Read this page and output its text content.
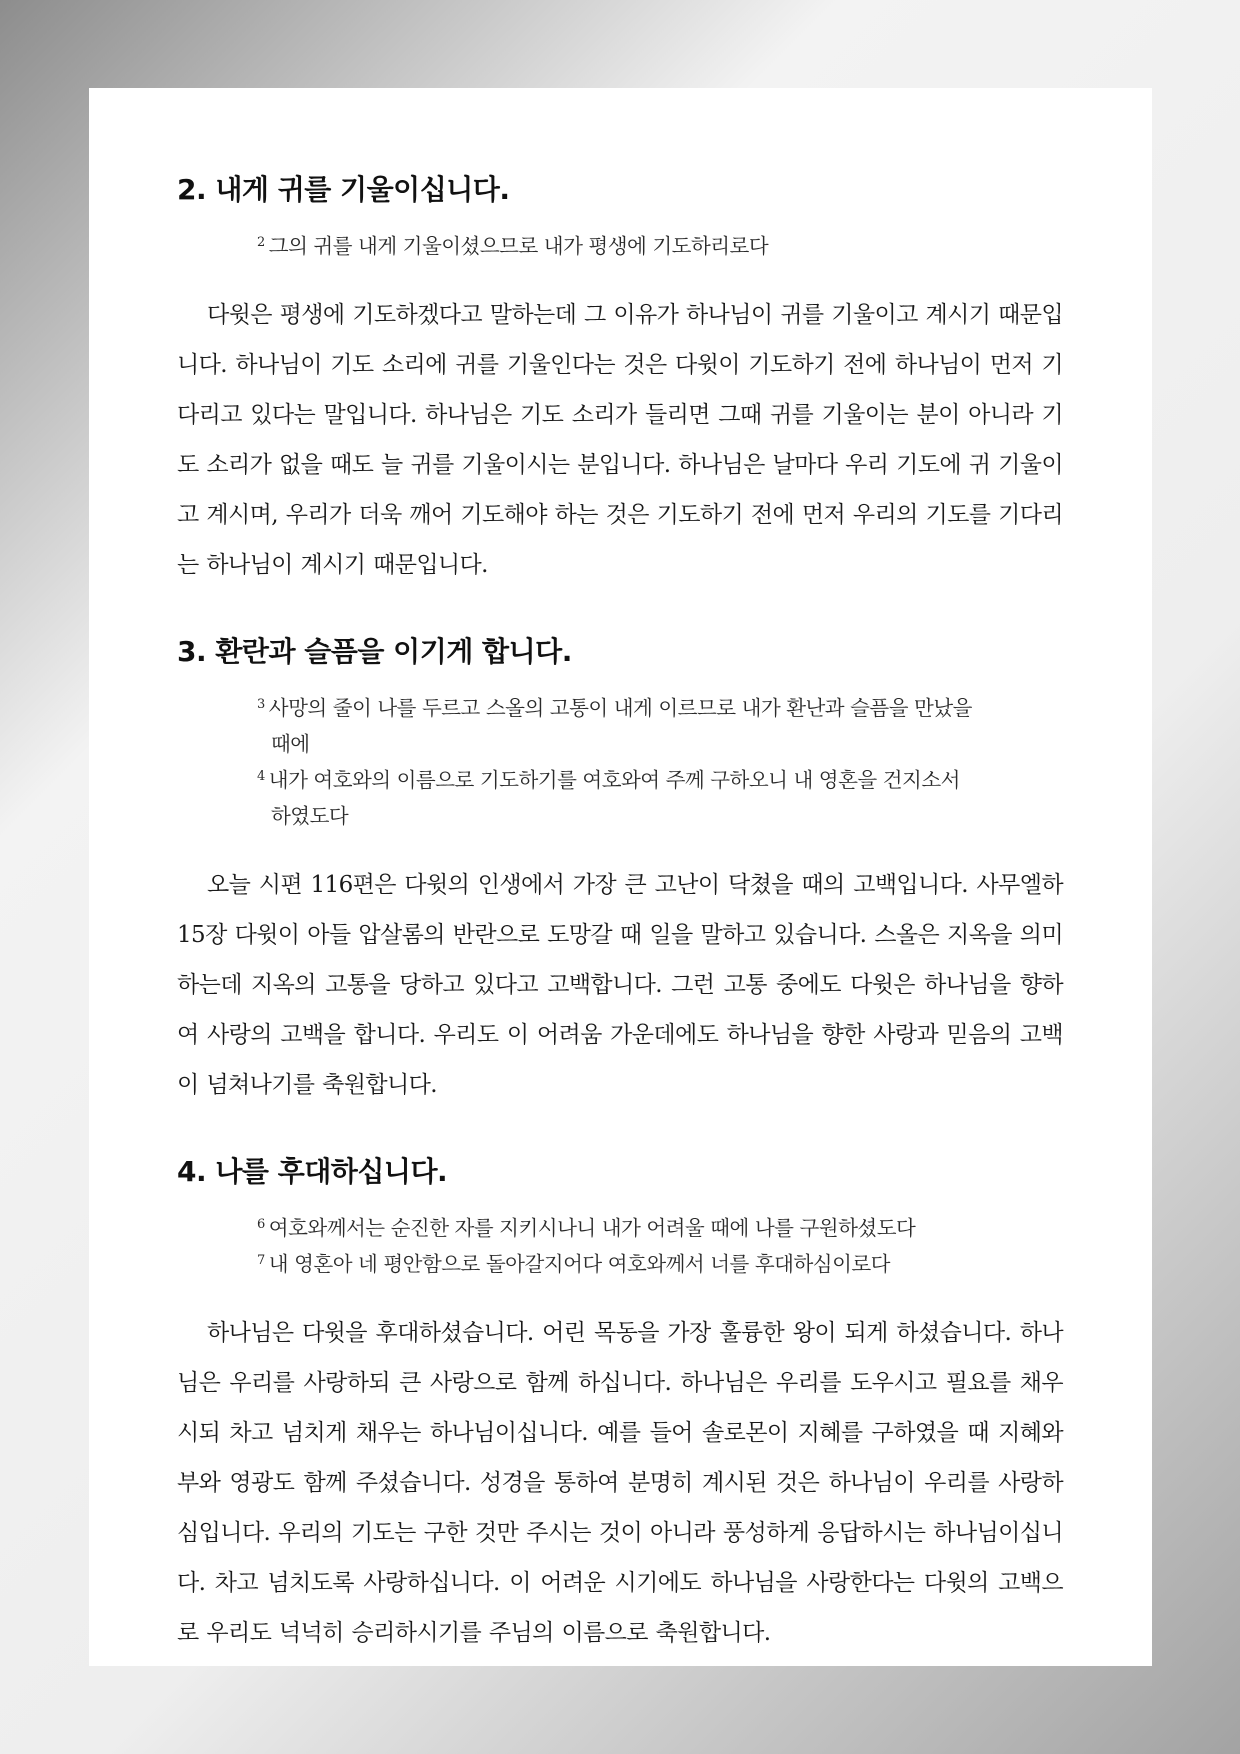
2. 내게 귀를 기울이십니다.

$^2$ 그의 귀를 내게 기울이셨으므로 내가 평생에 기도하리로다

다윗은 평생에 기도하겠다고 말하는데 그 이유가 하나님이 귀를 기울이고 계시기 때문입니다. 하나님이 기도 소리에 귀를 기울인다는 것은 다윗이 기도하기 전에 하나님이 먼저 기다리고 있다는 말입니다. 하나님은 기도 소리가 들리면 그때 귀를 기울이는 분이 아니라 기도 소리가 없을 때도 늘 귀를 기울이시는 분입니다. 하나님은 날마다 우리 기도에 귀 기울이고 계시며, 우리가 더욱 깨어 기도해야 하는 것은 기도하기 전에 먼저 우리의 기도를 기다리는 하나님이 계시기 때문입니다.

3. 환란과 슬픔을 이기게 합니다.

$^3$ 사망의 줄이 나를 두르고 스올의 고통이 내게 이르므로 내가 환난과 슬픔을 만났을 때에

$^4$ 내가 여호와의 이름으로 기도하기를 여호와여 주께 구하오니 내 영혼을 건지소서 하였도다

오늘 시편 116편은 다윗의 인생에서 가장 큰 고난이 닥쳤을 때의 고백입니다. 사무엘하 15장 다윗이 아들 압살롬의 반란으로 도망갈 때 일을 말하고 있습니다. 스올은 지옥을 의미하는데 지옥의 고통을 당하고 있다고 고백합니다. 그런 고통 중에도 다윗은 하나님을 향하여 사랑의 고백을 합니다. 우리도 이 어려움 가운데에도 하나님을 향한 사랑과 믿음의 고백이 넘쳐나기를 축원합니다.

4. 나를 후대하십니다.

$^6$ 여호와께서는 순진한 자를 지키시나니 내가 어려울 때에 나를 구원하셨도다

$^7$ 내 영혼아 네 평안함으로 돌아갈지어다 여호와께서 너를 후대하심이로다

하나님은 다윗을 후대하셨습니다. 어린 목동을 가장 훌륭한 왕이 되게 하셨습니다. 하나님은 우리를 사랑하되 큰 사랑으로 함께 하십니다. 하나님은 우리를 도우시고 필요를 채우시되 차고 넘치게 채우는 하나님이십니다. 예를 들어 솔로몬이 지혜를 구하였을 때 지혜와 부와 영광도 함께 주셨습니다. 성경을 통하여 분명히 계시된 것은 하나님이 우리를 사랑하심입니다. 우리의 기도는 구한 것만 주시는 것이 아니라 풍성하게 응답하시는 하나님이십니다. 차고 넘치도록 사랑하십니다. 이 어려운 시기에도 하나님을 사랑한다는 다윗의 고백으로 우리도 넉넉히 승리하시기를 주님의 이름으로 축원합니다.
